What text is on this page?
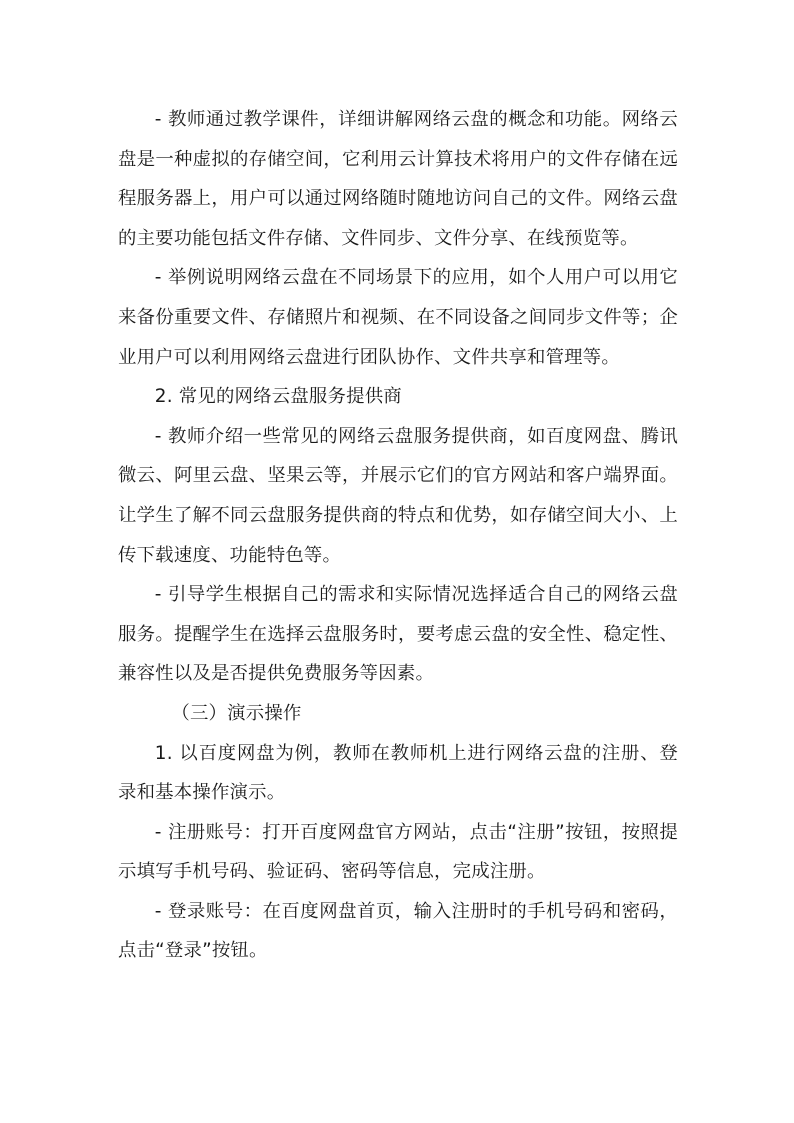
- 教师通过教学课件，详细讲解网络云盘的概念和功能。网络云盘是一种虚拟的存储空间，它利用云计算技术将用户的文件存储在远程服务器上，用户可以通过网络随时随地访问自己的文件。网络云盘的主要功能包括文件存储、文件同步、文件分享、在线预览等。

- 举例说明网络云盘在不同场景下的应用，如个人用户可以用它来备份重要文件、存储照片和视频、在不同设备之间同步文件等；企业用户可以利用网络云盘进行团队协作、文件共享和管理等。

2. 常见的网络云盘服务提供商

- 教师介绍一些常见的网络云盘服务提供商，如百度网盘、腾讯微云、阿里云盘、坚果云等，并展示它们的官方网站和客户端界面。让学生了解不同云盘服务提供商的特点和优势，如存储空间大小、上传下载速度、功能特色等。

- 引导学生根据自己的需求和实际情况选择适合自己的网络云盘服务。提醒学生在选择云盘服务时，要考虑云盘的安全性、稳定性、兼容性以及是否提供免费服务等因素。

（三）演示操作

1. 以百度网盘为例，教师在教师机上进行网络云盘的注册、登录和基本操作演示。

- 注册账号：打开百度网盘官方网站，点击“注册”按钮，按照提示填写手机号码、验证码、密码等信息，完成注册。

- 登录账号：在百度网盘首页，输入注册时的手机号码和密码，点击“登录”按钮。
